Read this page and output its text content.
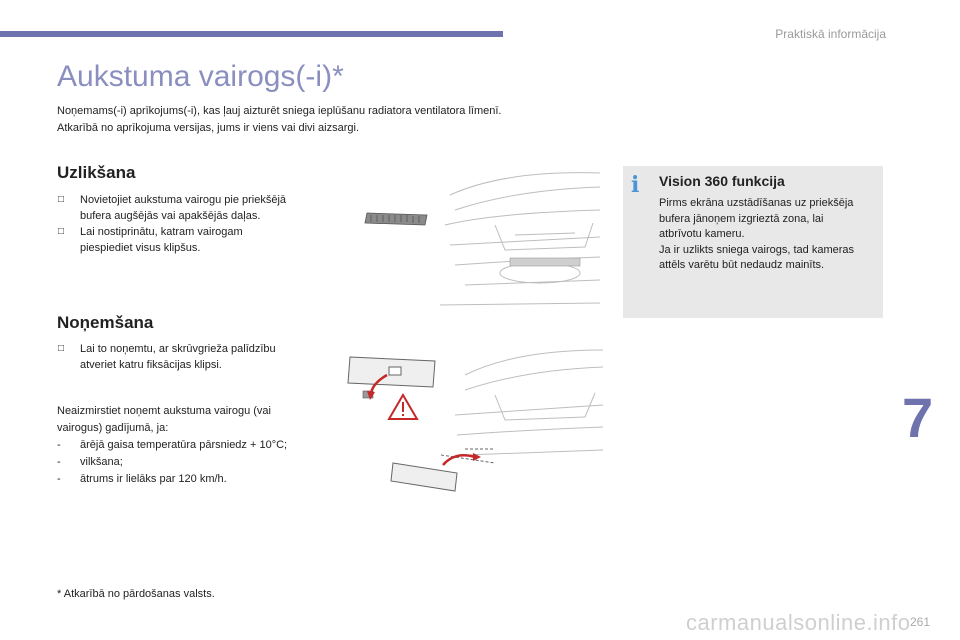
Praktiskā informācija
Aukstuma vairogs(-i)*
Noņemams(-i) aprīkojums(-i), kas ļauj aizturēt sniega ieplūšanu radiatora ventilatora līmenī.
Atkarībā no aprīkojuma versijas, jums ir viens vai divi aizsargi.
Uzlikšana
□ Novietojiet aukstuma vairogu pie priekšējā
bufera augšējās vai apakšējās daļas.
□ Lai nostiprinātu, katram vairogam
piespiediet visus klipšus.
Noņemšana
□ Lai to noņemtu, ar skrūvgrieža palīdzību
atveriet katru fiksācijas klipsi.
Neaizmirstiet noņemt aukstuma vairogu (vai
vairogus) gadījumā, ja:
- ārējā gaisa temperatūra pārsniedz + 10°C;
- vilkšana;
- ātrums ir lielāks par 120 km/h.
i Vision 360 funkcija
Pirms ekrāna uzstādīšanas uz priekšēja
bufera jānoņem izgrieztā zona, lai
atbrīvotu kameru.
Ja ir uzlikts sniega vairogs, tad kameras
attēls varētu būt nedaudz mainīts.
* Atkarībā no pārdošanas valsts.
7
261
carmanualsonline.info
